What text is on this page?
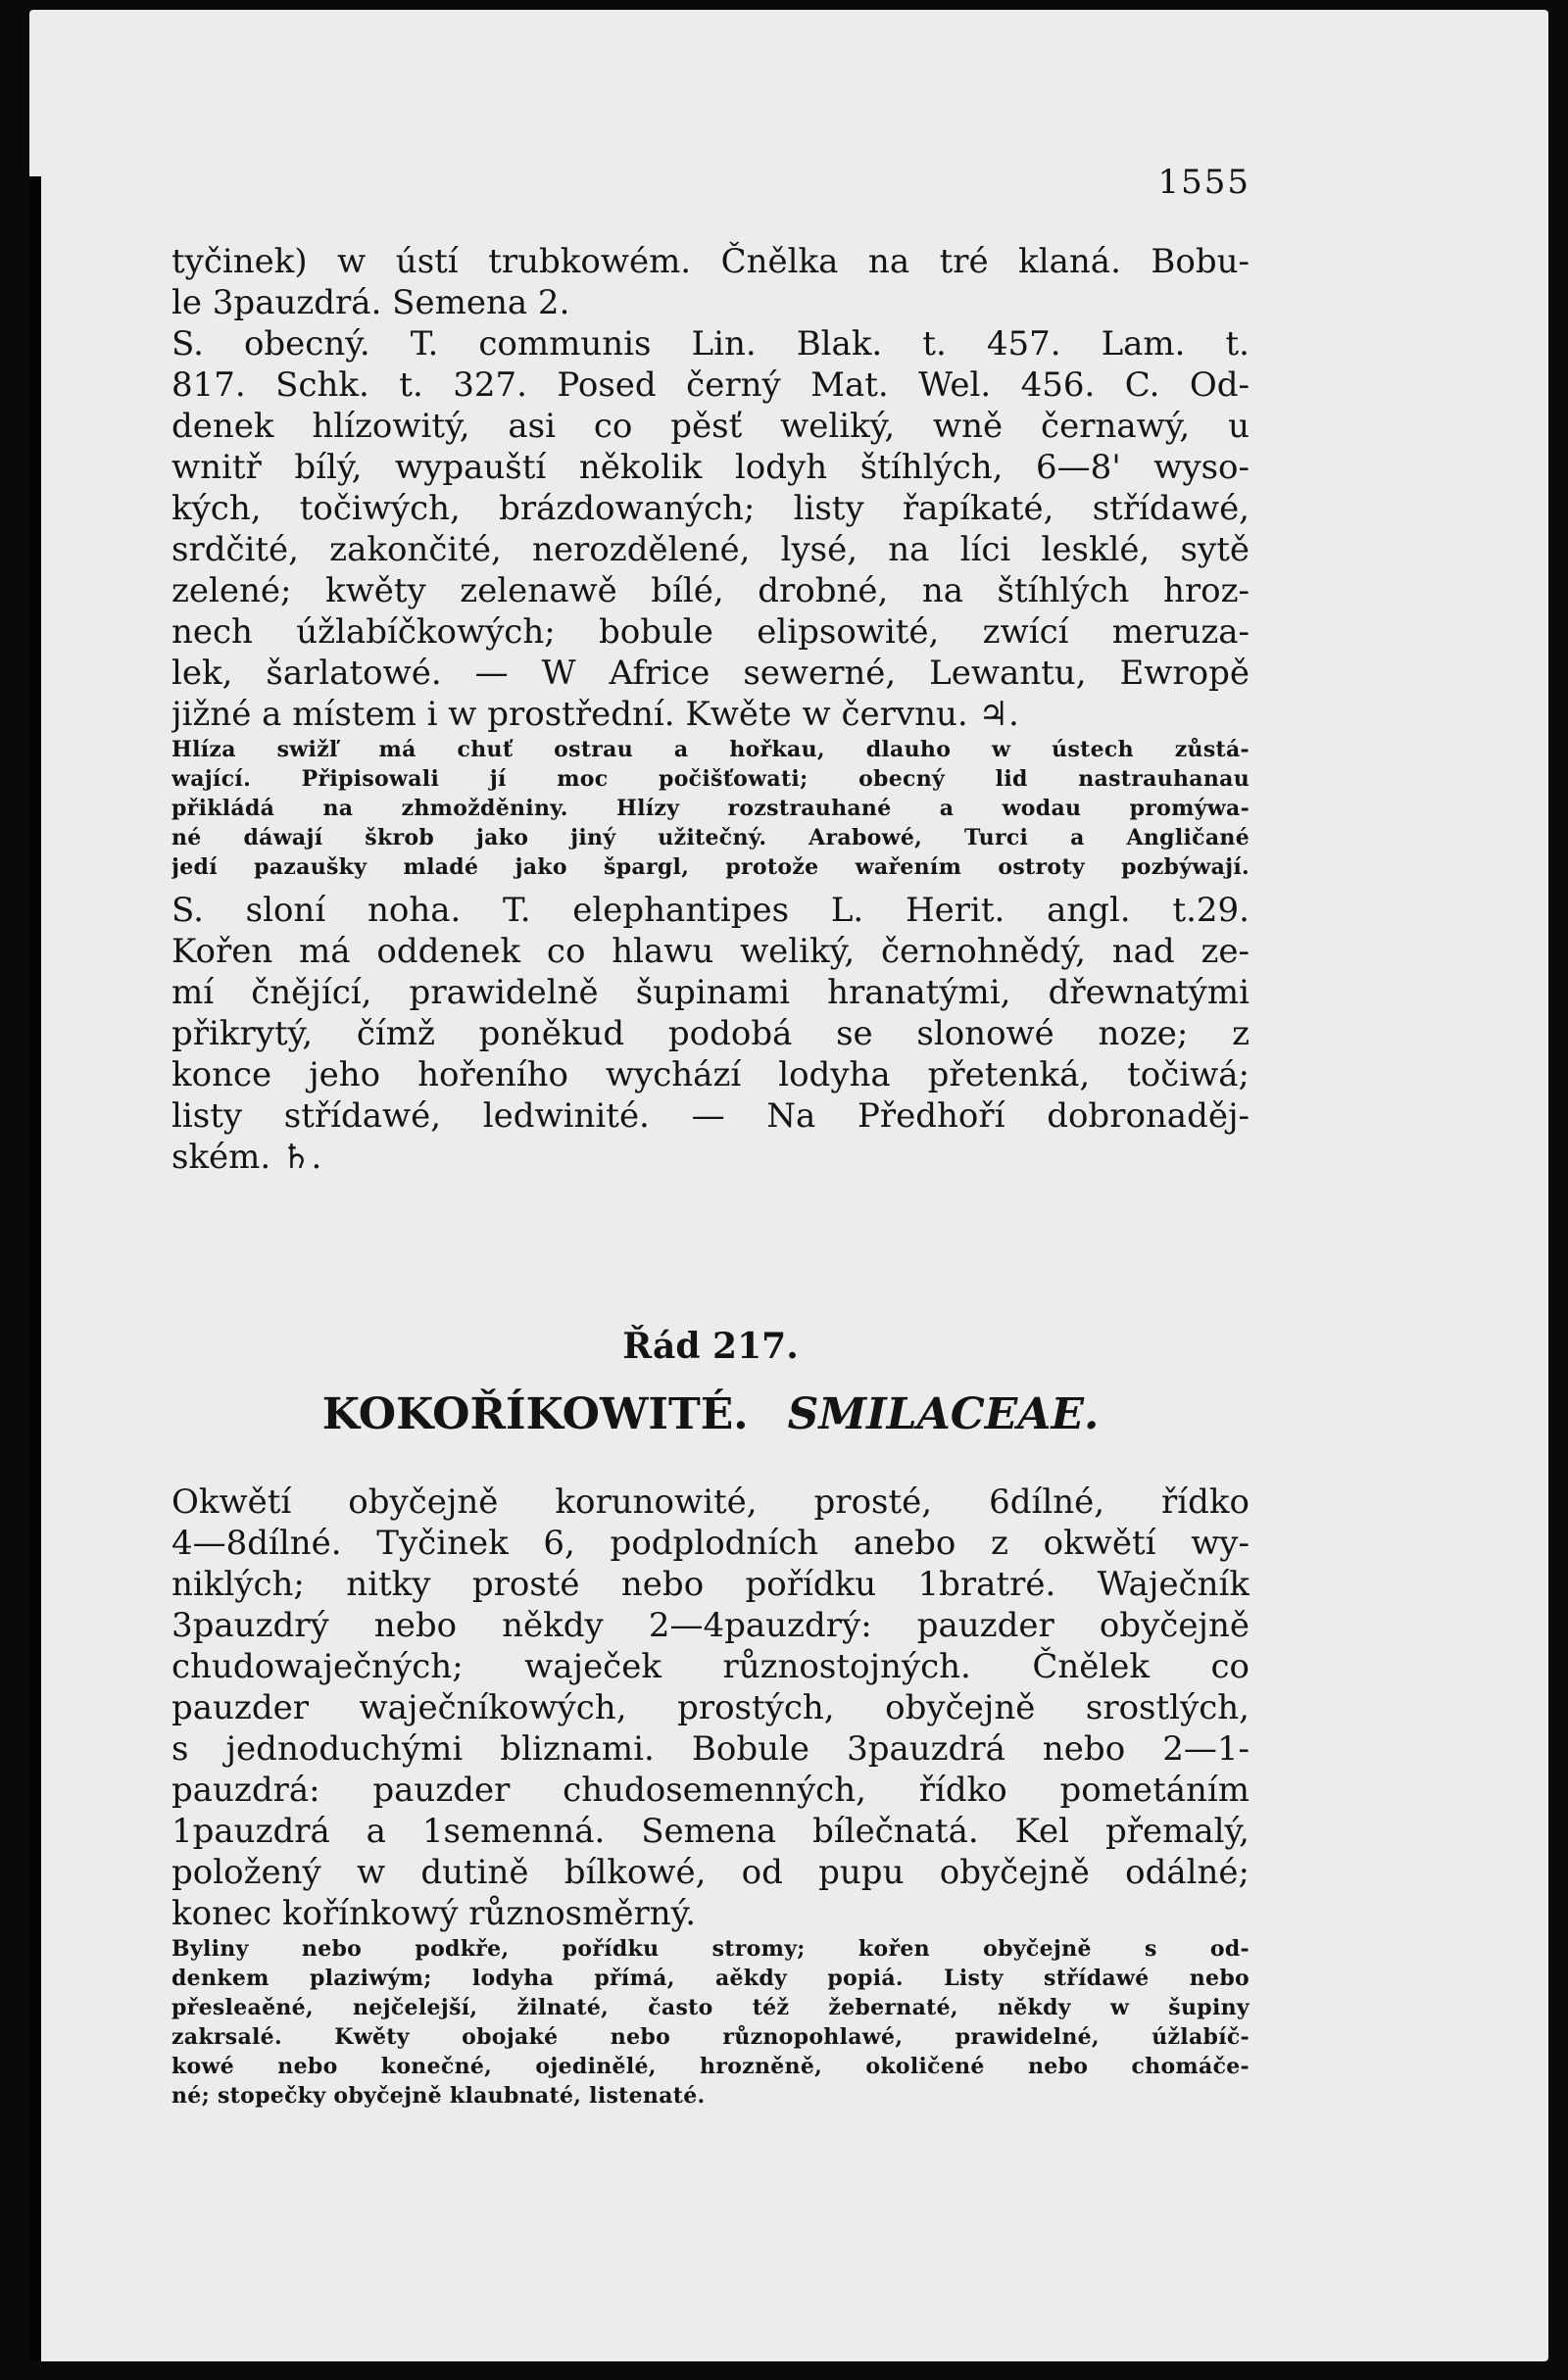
1555
tyčinek) w ústí trubkowém. Čnělka na tré klaná. Bobu-
le 3pauzdrá. Semena 2.
S. obecný. T. communis Lin. Blak. t. 457. Lam. t.
817. Schk. t. 327. Posed černý Mat. Wel. 456. C. Od-
denek hlízowitý, asi co pěsť weliký, wně černawý, u
wnitř bílý, wypauští několik lodyh štíhlých, 6—8' wyso-
kých, točiwých, brázdowaných; listy řapíkaté, střídawé,
srdčité, zakončité, nerozdělené, lysé, na líci lesklé, sytě
zelené; kwěty zelenawě bílé, drobné, na štíhlých hroz-
nech úžlabíčkowých; bobule elipsowité, zwící meruza-
lek, šarlatowé. — W Africe sewerné, Lewantu, Ewropě
jižné a místem i w prostřední. Kwěte w červnu. ♃.
Hlíza swižľ má chuť ostrau a hořkau, dlauho w ústech zůstá-
wající. Připisowali jí moc počišťowati; obecný lid nastrauhanau
přikládá na zhmožděniny. Hlízy rozstrauhané a wodau promýwa-
né dáwají škrob jako jiný užitečný. Arabowé, Turci a Angličané
jedí pazaušky mladé jako špargl, protože wařením ostroty pozbýwají.
S. sloní noha. T. elephantipes L. Herit. angl. t.29.
Kořen má oddenek co hlawu weliký, černohnědý, nad ze-
mí čnějící, prawidelně šupinami hranatými, dřewnatými
přikrytý, čímž poněkud podobá se slonowé noze; z
konce jeho hořeního wychází lodyha přetenká, točiwá;
listy střídawé, ledwinité. — Na Předhoří dobronaděj-
ském. ♄.
Řád 217.
KOKOŘÍKOWITÉ. SMILACEAE.
Okwětí obyčejně korunowité, prosté, 6dílné, řídko
4—8dílné. Tyčinek 6, podplodních anebo z okwětí wy-
niklých; nitky prosté nebo pořídku 1bratré. Waječník
3pauzdrý nebo někdy 2—4pauzdrý: pauzder obyčejně
chudowaječných; waječek různostojných. Čnělek co
pauzder waječníkowých, prostých, obyčejně srostlých,
s jednoduchými bliznami. Bobule 3pauzdrá nebo 2—1-
pauzdrá: pauzder chudosemenných, řídko pometáním
1pauzdrá a 1semenná. Semena bílečnatá. Kel přemalý,
položený w dutině bílkowé, od pupu obyčejně odálné;
konec kořínkowý různosměrný.
Byliny nebo podkře, pořídku stromy; kořen obyčejně s od-
denkem plaziwým; lodyha přímá, aěkdy popiá. Listy střídawé nebo
přesleaěné, nejčelejší, žilnaté, často též žebernaté, někdy w šupiny
zakrsalé. Kwěty obojaké nebo různopohlawé, prawidelné, úžlabíč-
kowé nebo konečné, ojedinělé, hrozněně, okoličené nebo chomáče-
né; stopečky obyčejně klaubnaté, listenaté.
